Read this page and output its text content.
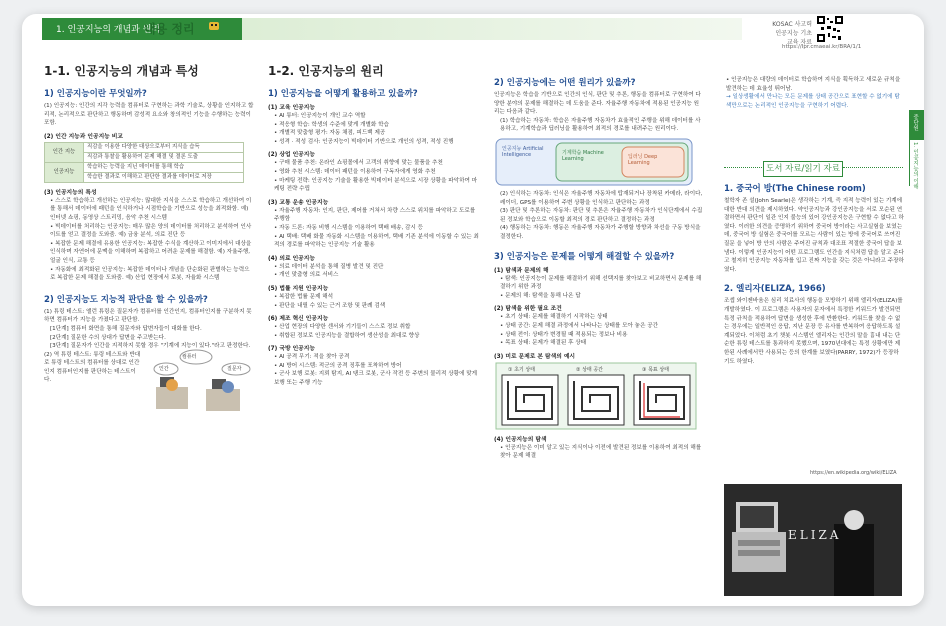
1. 인공지능의 개념과 원리
내용 정리	KOSAC 사고력
인공지능 기초
교육 자료
https://Ipr.cmaeai.kr/BRA/1/1
1-1. 인공지능의 개념과 특성
1) 인공지능이란 무엇일까?

(1) 인공지능: 인간의 지각 능력을 컴퓨터로 구현하는 과학 기술로, 상황을 인지하고 합리적, 논리적으로 판단하고 행동하며 감성적 요소와 창의적인 기능을 수행하는 능력이 포함.

(2) 인간 지능과 인공지능 비교
인간 지능	직감을 이용한 다양한 대상으로부터 지식을 습득
	직감과 통찰을 활용하여 문제 해결 및 결론 도출
인공지능	학습하는 능력을 지닌 데이터를 통해 학습
	학습한 결과로 이해하고 판단한 결과를 데이터로 저장
(3) 인공지능의 특성

• 스스로 학습하고 개선하는 인공지능: 많대한 지식을 스스로 학습하고 개선하여 이를 통해서 데이터에 패턴을 인식하거나 시점학습을 기반으로 성능을 최적화함. 예) 인터넷 쇼핑, 동영상 스트리밍, 음악 추천 시스템

• 빅데이터를 처리하는 인공지능: 매우 많은 양의 데이터를 처리하고 분석하여 인사이트를 얻고 결정을 도와줌. 예) 금융 분석, 의료 진단 등

• 복잡한 문제 해결에 유용한 인공지능: 복잡한 수식을 계산하고 이미지에서 대상을 인식하며 자연어에 문맥을 이해하며 복잡하고 어려운 문제를 해결함. 예) 자율주행, 얼굴 인식, 교통 등

• 자동화에 최적화된 인공지능: 복잡한 데이터나 개념을 단순화된 판별하는 능력으로 복잡한 문제 해결을 도와줌. 예) 산업 현장에서 로봇, 자율화 시스템

2) 인공지능도 지능적 판단을 할 수 있을까?

(1) 튜링 테스트: 앨런 튜링은 질문자가 컴퓨터를 인간인지, 컴퓨터인지를 구분하지 못하면 컴퓨터가 지능을 가졌다고 판단함.

[1단계] 컴퓨터 화면을 통해 질문자와 답변자들이 대화를 한다.

[2단계] 질문한 수의 상대가 답변을 주고받는다.

[3단계] 질문자가 인간을 지적하지 못할 경우 "기계에 지능이 있다."라고 판정한다.

(2) 역 튜링 테스트: 튜링 테스트와 반대로 튜링 테스트의 컴퓨터를 상대로 인간인지 컴퓨터인지를 판단하는 테스트이다.

컴퓨터
인간	질문자
1-2. 인공지능의 원리
1) 인공지능을 어떻게 활용하고 있을까?
(1) 교육 인공지능

• AI 튜터: 인공지능이 개인 교수 역할

• 적응형 학습: 학생의 수준에 맞게 개별화 학습

• 개별적 맞춤형 평가: 자동 채점, 피드백 제공

• 성격 · 적성 검사: 인공지능이 빅데이터 기반으로 개인의 성격, 적성 진행

(2) 상업 인공지능

• 구매 물품 추천: 온라인 쇼핑몰에서 고객의 취향에 맞는 물품을 추천

• 영화 추천 시스템: 데이터 패턴을 이용하여 구독자에게 영화 추천

• 마케팅 전략: 인공지능 기술을 활용한 빅데이터 분석으로 시장 상황을 파악하여 마케팅 전략 수립

(3) 교통 운송 인공지능

• 자율주행 자동차: 인지, 판단, 제어를 거쳐서 차량 스스로 위치를 파악하고 도로를 주행함

• 자동 드론: 자동 비행 시스템을 이용하여 택배 배송, 감시 등

• AI 택배: 택배 화물 자동화 시스템을 이용하여, 택배 기존 분석에 이동할 수 있는 최적의 경로를 파악하는 인공지능 기술 활용

(4) 의료 인공지능

• 의료 데이터 분석을 통해 질병 발견 및 진단

• 개인 맞춤형 의료 서비스

(5) 법률 지원 인공지능

• 복잡한 법률 문제 해석

• 판단을 내릴 수 있는 근거 조항 및 판례 검색

(6) 제조 혁신 인공지능

• 산업 현장의 다양한 센서와 기기들이 스스로 정보 취합

• 취합된 정보로 인공지능을 결합하여 생산성을 최대로 향상

(7) 국방 인공지능

• AI 공격 무기: 적을 찾아 공격

• AI 방어 시스템: 적군의 공격 징후를 포착하여 방어

• 군사 보행 로봇: 지뢰 탐지, AI 탱크 로봇, 군사 작전 등 주변의 물리적 상황에 맞게 보행 또는 주행 기능

2) 인공지능에는 어떤 원리가 있을까?

인공지능은 학습을 기반으로 인간의 인식, 판단 및 추론, 행동을 컴퓨터로 구현하여 다양한 분야의 문제를 해결하는 데 도움을 준다. 자율주행 자동차에 적용된 인공지능 원리는 다음과 같다.

(1) 학습하는 자동차: 학습은 자율주행 자동차가 효율적인 주행을 위해 데이터를 사용하고, 기계학습과 딥러닝을 활용하여 최적의 경로를 내려주는 원리이다.

인공지능 Artificial Intelligence	기계학습 Machine Learning	딥러닝 Deep Learning

(2) 인식하는 자동차: 인식은 자율주행 자동차에 탑재되거나 장착된 카메라, 라이다, 레이더, GPS를 이용하여 주변 상황을 인식하고 판단하는 과정

(3) 판단 및 추론하는 자동차: 판단 및 추론은 자율주행 자동차가 인식단계에서 수집된 정보와 학습으로 이동할 최적의 경로 판단하고 결정하는 과정

(4) 행동하는 자동차: 행동은 자율주행 자동차가 주행할 방향과 차선을 구동 방식을 결정한다.

3) 인공지능은 문제를 어떻게 해결할 수 있을까?
(1) 탐색과 문제의 해

• 탐색: 인공지능이 문제를 해결하기 위해 선택지를 찾아보고 비교하면서 문제를 해결하기 위한 과정

• 문제의 해: 탐색을 통해 나온 답

(2) 탐색을 위한 필요 조건

• 초기 상태: 문제를 해결하기 시작하는 상태

• 상태 공간: 문제 해결 과정에서 나타나는 상태를 모아 놓은 공간

• 상태 전이: 상태가 변경될 때 적용되는 정보나 비용

• 목표 상태: 문제가 해결된 후 상태

(3) 미로 문제로 본 탐색의 예시
① 초기 상태	② 상태 공간	③ 목표 상태
(4) 인공지능의 탐색

• 인공지능은 이미 알고 있는 지식이나 이전에 발견된 정보를 이용하여 최적의 해를 찾아 문제 해결

• 인공지능은 대량의 데이터로 학습하여 지식을 획득하고 새로운 규칙을 발견하는 데 효율성 뛰어남.

→ 일상생활에서 만나는 모든 문제를 상태 공간으로 표현할 수 없기에 탐색만으로는 논리적인 인공지능을 구현하기 어렵다.

도서 자료/읽기 자료
1. 중국어 방(The Chinese room)

철학자 존 설(John Searle)은 생각하는 기계, 즉 지적 능력이 있는 기계에 대한 반대 의견을 제시하였다. 약인공지능과 강인공지능을 서로 모순된 연결하면서 판단이 일관 인지 불능의 있어 강인공지능은 구현할 수 없다고 하였다. 이러한 의견을 증명하기 위하여 중국어 방이라는 사고실험을 보였는데, 중국어 방 실험은 중국어를 모르는 사람이 있는 방에 중국어로 쓰여진 질문 을 넣어 방 안의 사람은 주어진 규칙과 대조표 적절한 중국어 답을 보냄다. 이렇게 인공지능이 어떤 프로그램도 인간을 지식처럼 답을 알고 준다고 철저히 인공지능 자동차를 입고 진짜 지능을 갖는 것은 아니라고 주장하였다.

2. 엘리자(ELIZA, 1966)

조셉 와이젠바움은 심리 치료사의 행동을 모방하기 위해 엘리자(ELIZA)를 개발하였다. 이 프로그램은 사용자의 문자에서 특정한 키워드가 발견되면 특정 규칙을 적용하여 답변을 생성한 후에 반환한다. 키워드를 찾을 수 없는 경우에는 일반적인 응답, 지난 문장 등 유사를 반복하여 응답하도록 설계되었다. 이처럼 초기 챗봇 시스템인 엘리자는 인간의 말을 흉내 내는 단순한 튜링 테스트를 통과하지 못했으며, 1970년대에는 특정 상황에만 제한된 사례에서만 사용되는 등의 한계를 보였다(PARRY, 1972)가 등장하기도 하였다.

ELIZA
https://en.wikipedia.org/wiki/ELIZA
중단원
1. 인공지능의 이해
